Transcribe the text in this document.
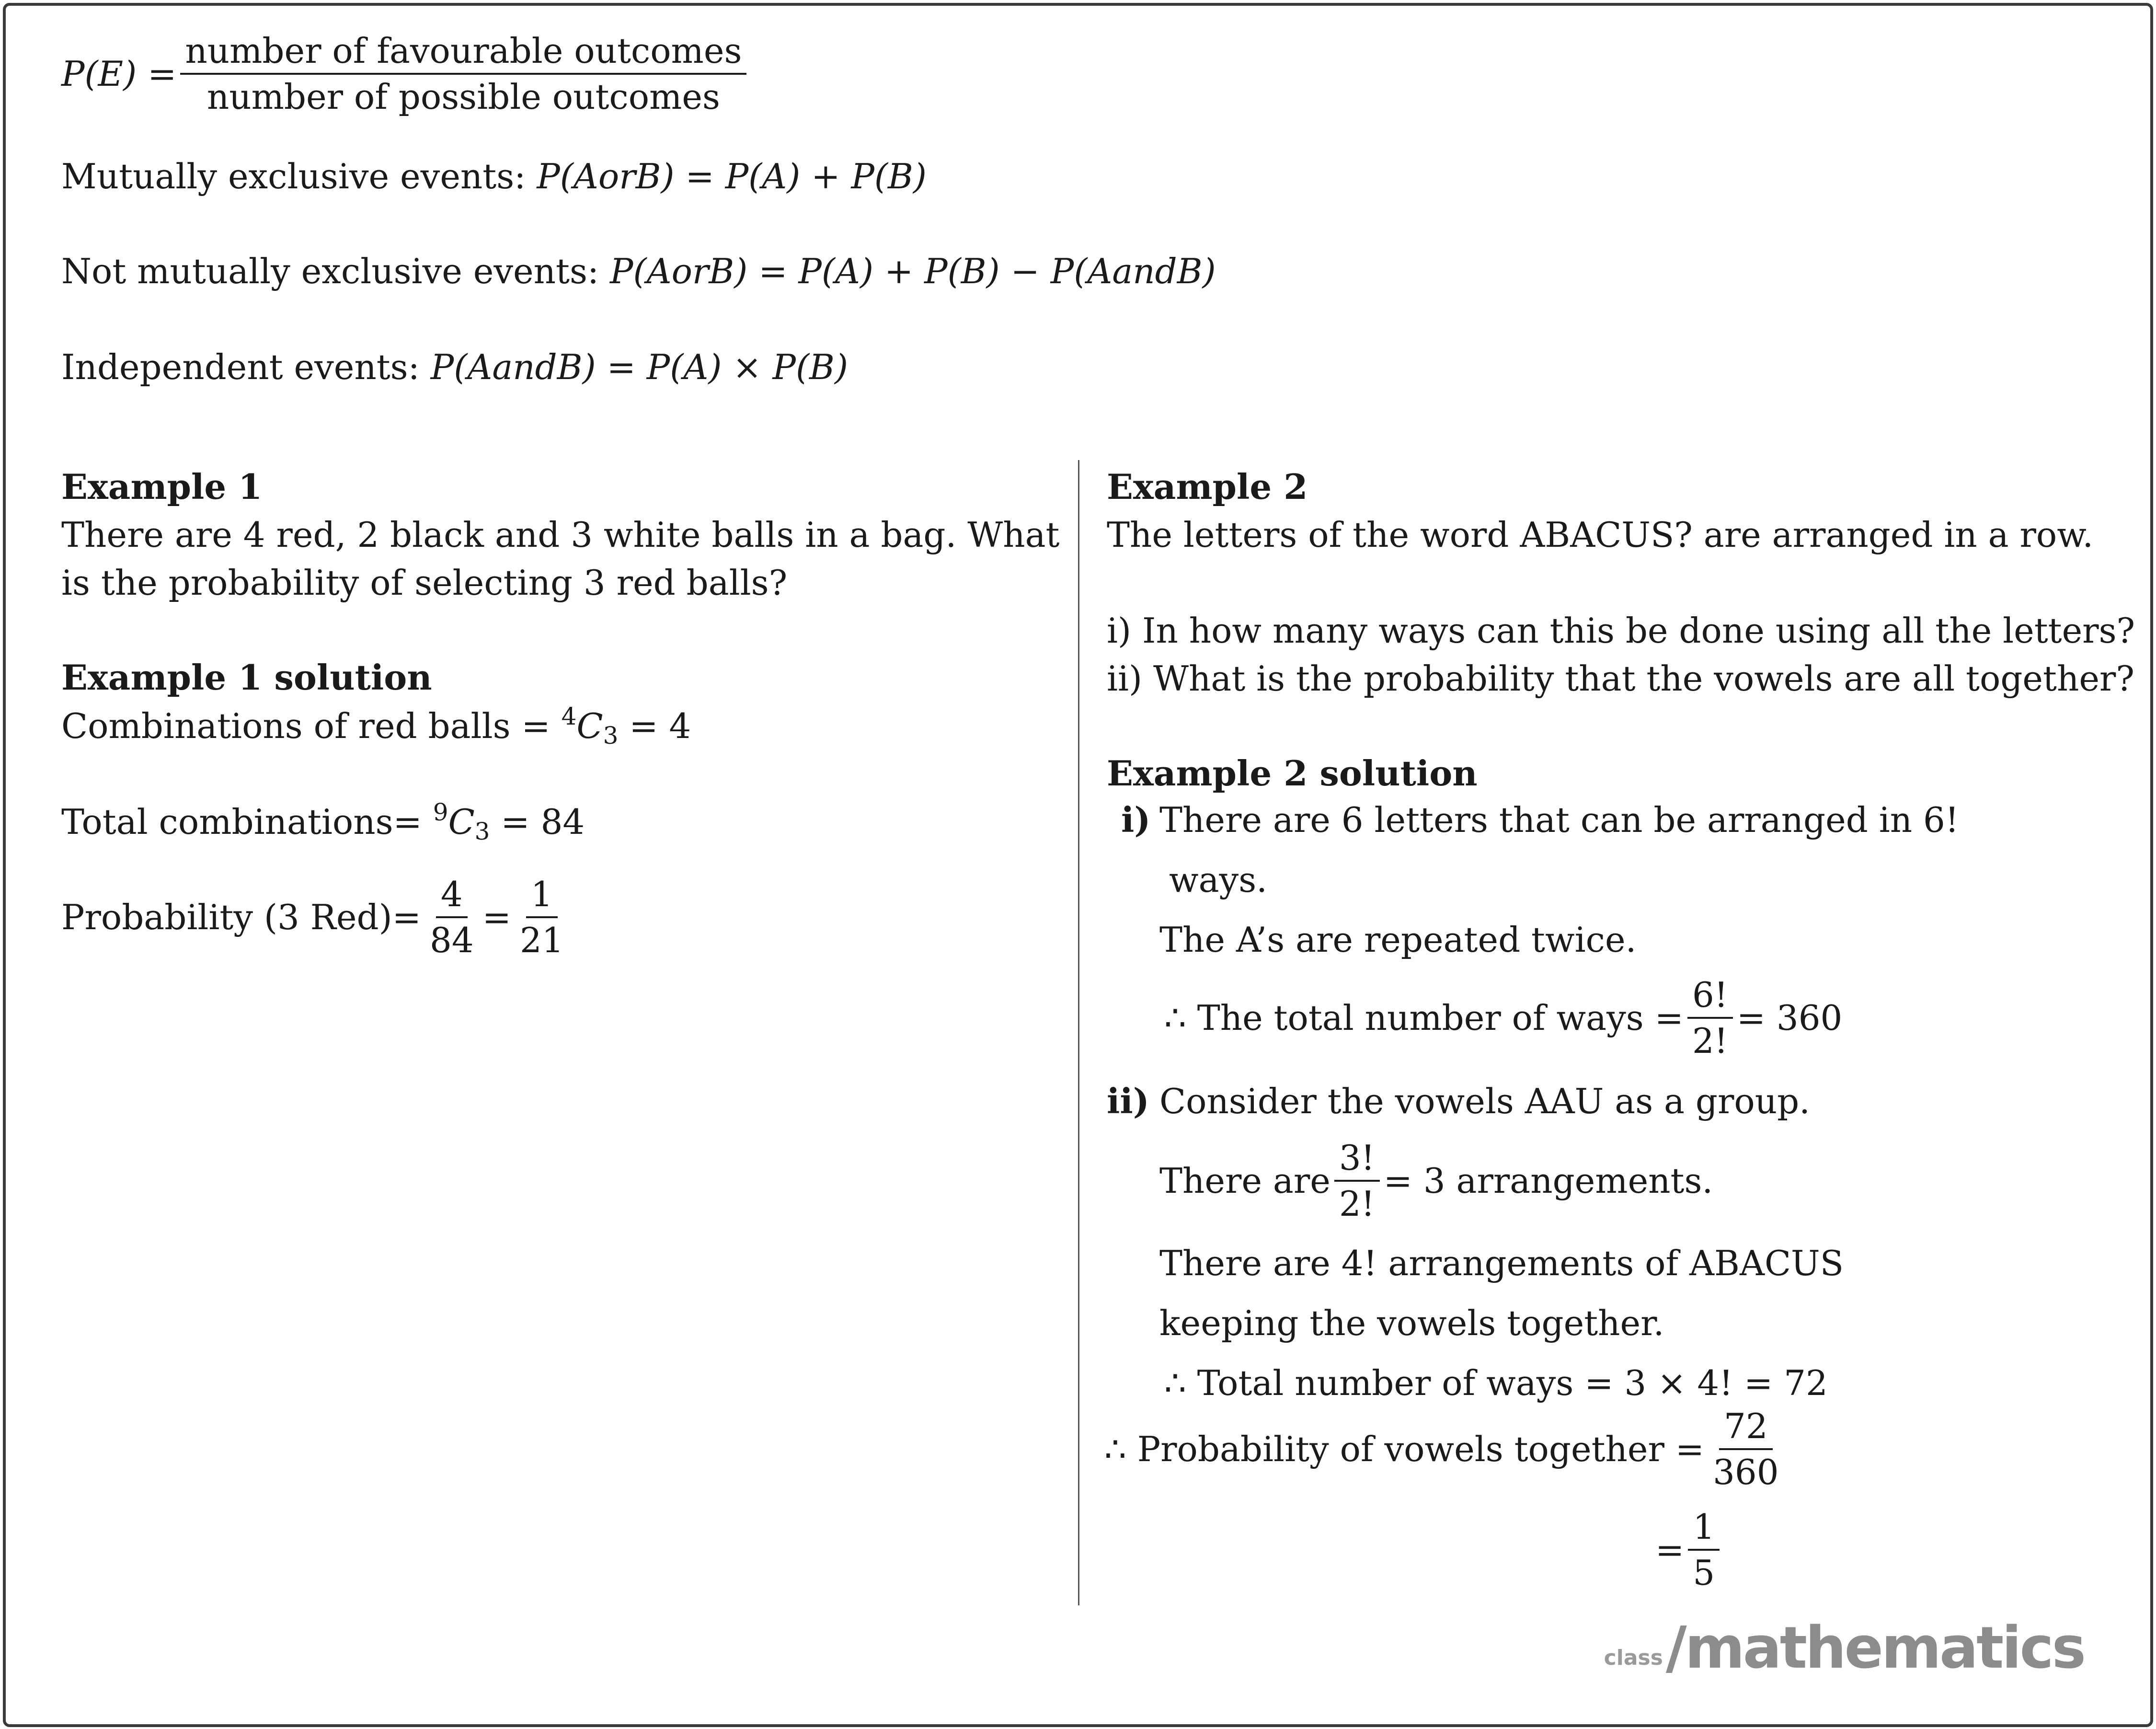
$P(E) = \frac{\text{number of favourable outcomes}}{\text{number of possible outcomes}}$
Mutually exclusive events: P(AorB) = P(A) + P(B)
Not mutually exclusive events: P(AorB) = P(A) + P(B) − P(AandB)
Independent events: P(AandB) = P(A) × P(B)
Example 1
There are 4 red, 2 black and 3 white balls in a bag. What
is the probability of selecting 3 red balls?
Example 1 solution
Combinations of red balls = $^4C_3 = 4$
Total combinations= $^9C_3 = 84$
Probability (3 $Red)= \frac{4}{84} = \frac{1}{21}$
Example 2
The letters of the word ABACUS? are arranged in a row.
i) In how many ways can this be done using all the letters?
ii) What is the probability that the vowels are all together?
Example 2 solution
i) There are 6 letters that can be arranged in 6!
ways.
The A’s are repeated twice.
∴ The total number of ways = $\frac{6!}{2!} = 360$
ii) Consider the vowels AAU as a group.
There are $\frac{3!}{2!} = 3$ arrangements.
There are 4! arrangements of ABACUS
keeping the vowels together.
∴ Total number of ways = 3 × 4! = 72
∴ Probability of vowels together = $\frac{72}{360}$
= $\frac{1}{5}$
class /mathematics
